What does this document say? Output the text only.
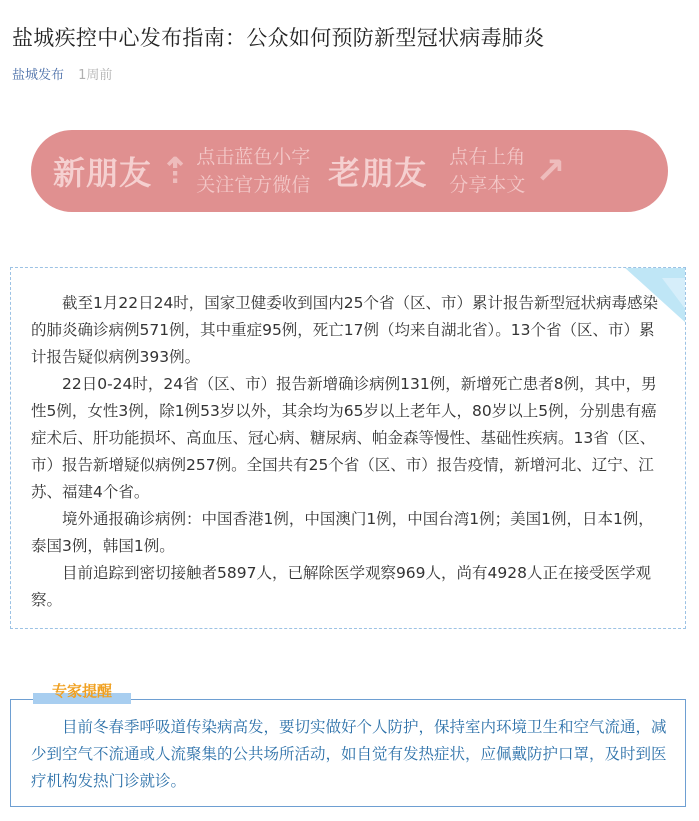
盐城疾控中心发布指南：公众如何预防新型冠状病毒肺炎
盐城发布 1周前
新朋友 ⇡ 点击蓝色小字
关注官方微信 老朋友 点右上角
分享本文 ↗

截至1月22日24时，国家卫健委收到国内25个省（区、市）累计报告新型冠状病毒感染的肺炎确诊病例571例，其中重症95例，死亡17例（均来自湖北省）。13个省（区、市）累计报告疑似病例393例。

22日0-24时，24省（区、市）报告新增确诊病例131例，新增死亡患者8例，其中，男性5例，女性3例，除1例53岁以外，其余均为65岁以上老年人，80岁以上5例，分别患有癌症术后、肝功能损坏、高血压、冠心病、糖尿病、帕金森等慢性、基础性疾病。13省（区、市）报告新增疑似病例257例。全国共有25个省（区、市）报告疫情，新增河北、辽宁、江苏、福建4个省。

境外通报确诊病例：中国香港1例，中国澳门1例，中国台湾1例；美国1例，日本1例，泰国3例，韩国1例。

目前追踪到密切接触者5897人，已解除医学观察969人，尚有4928人正在接受医学观察。

目前冬春季呼吸道传染病高发，要切实做好个人防护，保持室内环境卫生和空气流通，减少到空气不流通或人流聚集的公共场所活动，如自觉有发热症状，应佩戴防护口罩，及时到医疗机构发热门诊就诊。

专家提醒
